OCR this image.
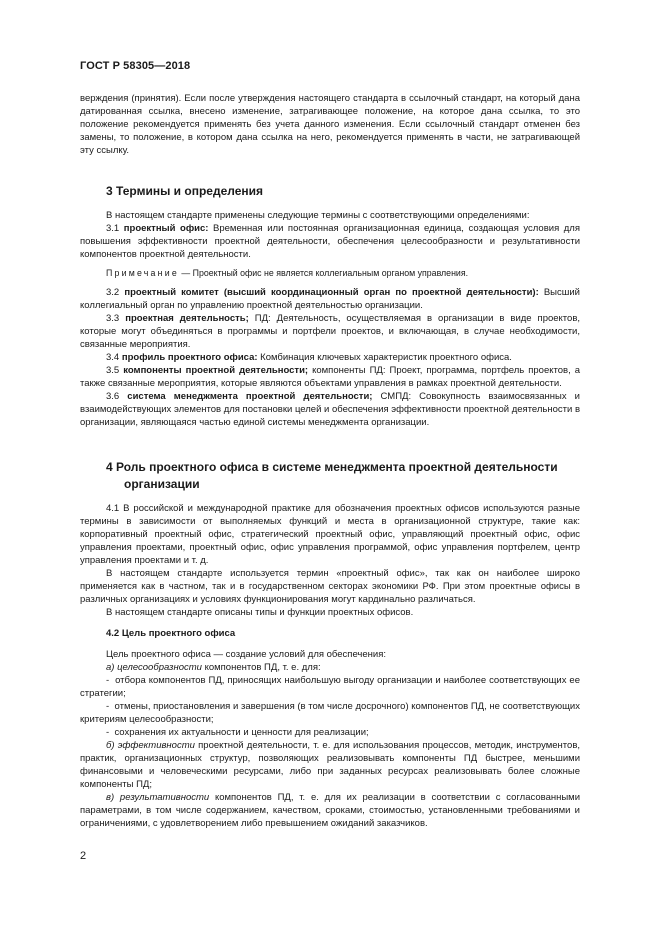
ГОСТ Р 58305—2018

верждения (принятия). Если после утверждения настоящего стандарта в ссылочный стандарт, на который дана датированная ссылка, внесено изменение, затрагивающее положение, на которое дана ссылка, то это положение рекомендуется применять без учета данного изменения. Если ссылочный стандарт отменен без замены, то положение, в котором дана ссылка на него, рекомендуется применять в части, не затрагивающей эту ссылку.

3 Термины и определения

В настоящем стандарте применены следующие термины с соответствующими определениями:

3.1 проектный офис: Временная или постоянная организационная единица, создающая условия для повышения эффективности проектной деятельности, обеспечения целесообразности и результативности компонентов проектной деятельности.

Примечание — Проектный офис не является коллегиальным органом управления.

3.2 проектный комитет (высший координационный орган по проектной деятельности): Высший коллегиальный орган по управлению проектной деятельностью организации.

3.3 проектная деятельность; ПД: Деятельность, осуществляемая в организации в виде проектов, которые могут объединяться в программы и портфели проектов, и включающая, в случае необходимости, связанные мероприятия.

3.4 профиль проектного офиса: Комбинация ключевых характеристик проектного офиса.

3.5 компоненты проектной деятельности; компоненты ПД: Проект, программа, портфель проектов, а также связанные мероприятия, которые являются объектами управления в рамках проектной деятельности.

3.6 система менеджмента проектной деятельности; СМПД: Совокупность взаимосвязанных и взаимодействующих элементов для постановки целей и обеспечения эффективности проектной деятельности в организации, являющаяся частью единой системы менеджмента организации.

4 Роль проектного офиса в системе менеджмента проектной деятельности организации

4.1 В российской и международной практике для обозначения проектных офисов используются разные термины в зависимости от выполняемых функций и места в организационной структуре, такие как: корпоративный проектный офис, стратегический проектный офис, управляющий проектный офис, офис управления проектами, проектный офис, офис управления программой, офис управления портфелем, центр управления проектами и т. д.

В настоящем стандарте используется термин «проектный офис», так как он наиболее широко применяется как в частном, так и в государственном секторах экономики РФ. При этом проектные офисы в различных организациях и условиях функционирования могут кардинально различаться.

В настоящем стандарте описаны типы и функции проектных офисов.

4.2 Цель проектного офиса

Цель проектного офиса — создание условий для обеспечения:

а) целесообразности компонентов ПД, т. е. для:

-  отбора компонентов ПД, приносящих наибольшую выгоду организации и наиболее соответствующих ее стратегии;

-  отмены, приостановления и завершения (в том числе досрочного) компонентов ПД, не соответствующих критериям целесообразности;

-  сохранения их актуальности и ценности для реализации;

б) эффективности проектной деятельности, т. е. для использования процессов, методик, инструментов, практик, организационных структур, позволяющих реализовывать компоненты ПД быстрее, меньшими финансовыми и человеческими ресурсами, либо при заданных ресурсах реализовывать более сложные компоненты ПД;

в) результативности компонентов ПД, т. е. для их реализации в соответствии с согласованными параметрами, в том числе содержанием, качеством, сроками, стоимостью, установленными требованиями и ограничениями, с удовлетворением либо превышением ожиданий заказчиков.

2
